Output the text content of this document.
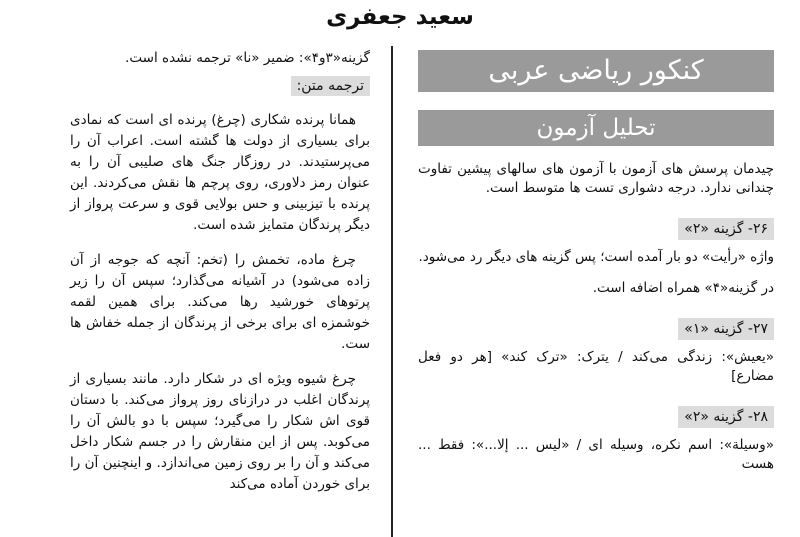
سعید جعفری
کنکور ریاضی عربی
تحلیل آزمون

چیدمان پرسش های آزمون با آزمون های سالهای پیشین تفاوت چندانی ندارد. درجه دشواری تست ها متوسط است.

۲۶- گزینه «۲»

واژه «رأیت» دو بار آمده است؛ پس گزینه های دیگر رد می‌شود.

در گزینه«۴» همراه اضافه است.

۲۷- گزینه «۱»

«یعیش»: زندگی می‌کند / یترک: «ترک کند» [هر دو فعل مضارع]

۲۸- گزینه «۲»

«وسیلة»: اسم نکره، وسیله ای / «لیس ... إلا...»: فقط ... هست

گزینه«۳و۴»: ضمیر «نا» ترجمه نشده است.
ترجمه متن:

همانا پرنده شکاری (چرغ) پرنده ای است که نمادی برای بسیاری از دولت ها گشته است. اعراب آن را می‌پرستیدند. در روزگار جنگ های صلیبی آن را به عنوان رمز دلاوری، روی پرچم ها نقش می‌کردند. این پرنده با تیزبینی و حس بولایی قوی و سرعت پرواز از دیگر پرندگان متمایز شده است.

چرغ ماده، تخمش را (تخم: آنچه که جوجه از آن زاده می‌شود) در آشیانه می‌گذارد؛ سپس آن را زیر پرتوهای خورشید رها می‌کند. برای همین لقمه خوشمزه ای برای برخی از پرندگان از جمله خفاش ها ست.

چرغ شیوه ویژه ای در شکار دارد. مانند بسیاری از پرندگان اغلب در درازنای روز پرواز می‌کند. با دستان قوی اش شکار را می‌گیرد؛ سپس با دو بالش آن را می‌کوبد. پس از این منقارش را در جسم شکار داخل می‌کند و آن را بر روی زمین می‌اندازد. و اینچنین آن را برای خوردن آماده می‌کند
